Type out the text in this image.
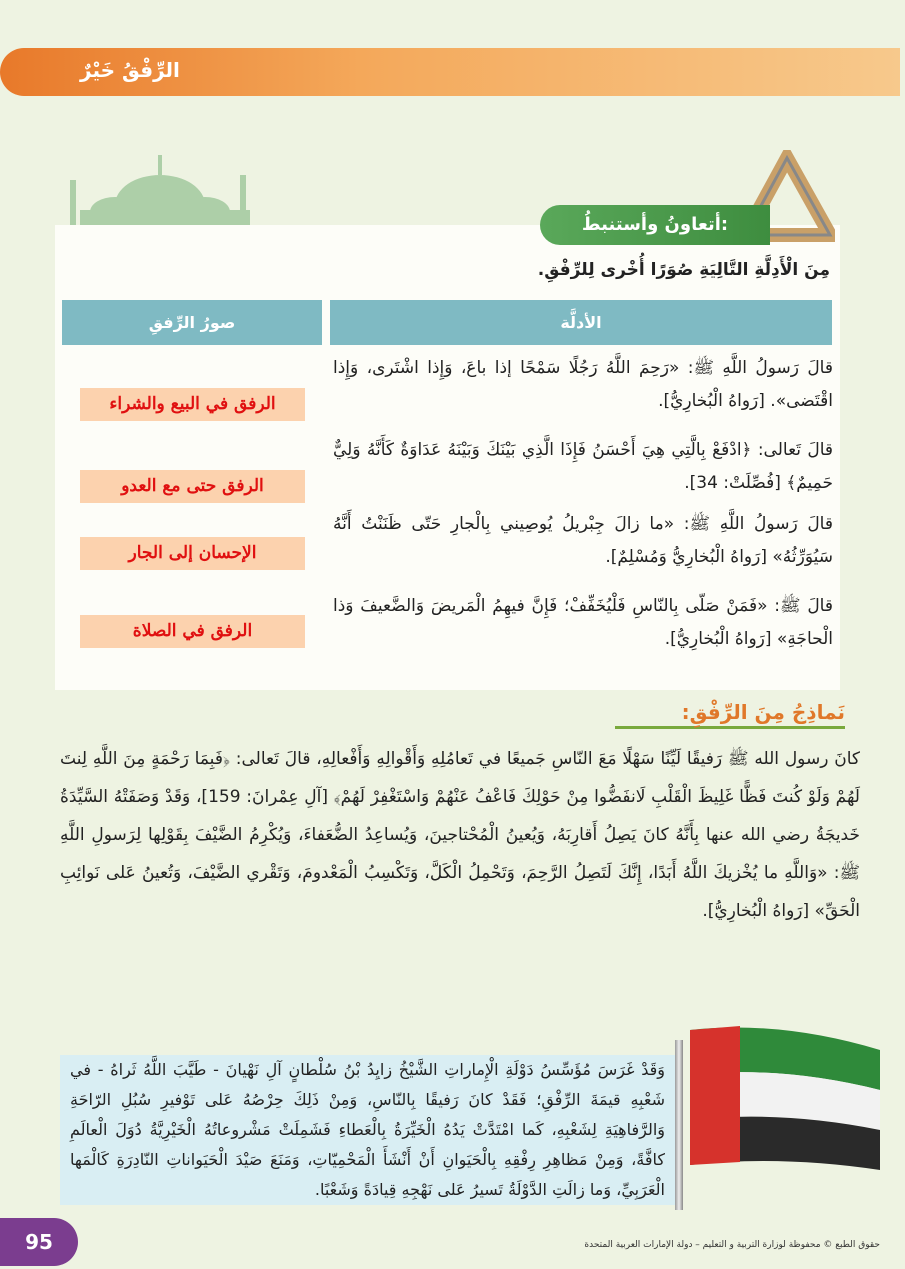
الرِّفْقُ خَيْرٌ
أتعاونُ وأستنبطُ:
مِنَ الْأَدِلَّةِ التَّالِيَةِ صُوَرًا أُخْرى لِلرِّفْقِ.
صورُ الرِّفقِ	الأدلَّة
قالَ رَسولُ اللَّهِ ﷺ: «رَحِمَ اللَّهُ رَجُلًا سَمْحًا إذا باعَ، وَإِذا اشْتَرى، وَإِذا اقْتَضى». [رَواهُ الْبُخارِيُّ].
قالَ تَعالى: ﴿ادْفَعْ بِالَّتِي هِيَ أَحْسَنُ فَإِذَا الَّذِي بَيْنَكَ وَبَيْنَهُ عَدَاوَةٌ كَأَنَّهُ وَلِيٌّ حَمِيمٌ﴾ [فُصِّلَتْ: 34].
قالَ رَسولُ اللَّهِ ﷺ: «ما زالَ جِبْريلُ يُوصِيني بِالْجارِ حَتّى ظَنَنْتُ أَنَّهُ سَيُوَرِّثُهُ» [رَواهُ الْبُخارِيُّ وَمُسْلِمٌ].
قالَ ﷺ: «فَمَنْ صَلّى بِالنّاسِ فَلْيُخَفِّفْ؛ فَإِنَّ فيهِمُ الْمَريضَ وَالضَّعيفَ وَذا الْحاجَةِ» [رَواهُ الْبُخارِيُّ].
الرفق في البيع والشراء
الرفق حتى مع العدو
الإحسان إلى الجار
الرفق في الصلاة
نَماذِجُ مِنَ الرِّفْقِ:
كانَ رسول الله ﷺ رَفيقًا لَيِّنًا سَهْلًا مَعَ النّاسِ جَميعًا في تَعامُلِهِ وَأَقْوالِهِ وَأَفْعالِهِ، قالَ تَعالى: ﴿فَبِمَا رَحْمَةٍ مِنَ اللَّهِ لِنتَ لَهُمْ وَلَوْ كُنتَ فَظًّا غَلِيظَ الْقَلْبِ لَانفَضُّوا مِنْ حَوْلِكَ فَاعْفُ عَنْهُمْ وَاسْتَغْفِرْ لَهُمْ﴾ [آلِ عِمْرانَ: 159]، وَقَدْ وَصَفَتْهُ السَّيِّدَةُ خَديجَةُ رضي الله عنها بِأَنَّهُ كانَ يَصِلُ أَقارِبَهُ، وَيُعينُ الْمُحْتاجينَ، وَيُساعِدُ الضُّعَفاءَ، وَيُكْرِمُ الضَّيْفَ بِقَوْلِها لِرَسولِ اللَّهِ ﷺ: «وَاللَّهِ ما يُخْزيكَ اللَّهُ أَبَدًا، إِنَّكَ لَتَصِلُ الرَّحِمَ، وَتَحْمِلُ الْكَلَّ، وَتَكْسِبُ الْمَعْدومَ، وَتَقْري الضَّيْفَ، وَتُعينُ عَلى نَوائِبِ الْحَقِّ» [رَواهُ الْبُخارِيُّ].
وَقَدْ غَرَسَ مُؤَسِّسُ دَوْلَةِ الْإِماراتِ الشَّيْخُ زايِدُ بْنُ سُلْطانٍ آلِ نَهْيانَ - طَيَّبَ اللَّهُ ثَراهُ - في شَعْبِهِ قيمَةَ الرِّفْقِ؛ فَقَدْ كانَ رَفيقًا بِالنّاسِ، وَمِنْ ذَلِكَ حِرْصُهُ عَلى تَوْفيرِ سُبُلِ الرّاحَةِ وَالرَّفاهِيَةِ لِشَعْبِهِ، كَما امْتَدَّتْ يَدُهُ الْخَيِّرَةُ بِالْعَطاءِ فَشَمِلَتْ مَشْروعاتُهُ الْخَيْرِيَّةُ دُوَلَ الْعالَمِ كافَّةً، وَمِنْ مَظاهِرِ رِفْقِهِ بِالْحَيَوانِ أَنْ أَنْشَأَ الْمَحْمِيّاتِ، وَمَنَعَ صَيْدَ الْحَيَواناتِ النّادِرَةِ كَالْمَها الْعَرَبِيِّ، وَما زالَتِ الدَّوْلَةُ تَسيرُ عَلى نَهْجِهِ قِيادَةً وَشَعْبًا.
95	حقوق الطبع © محفوظة لوزارة التربية و التعليم – دولة الإمارات العربية المتحدة
